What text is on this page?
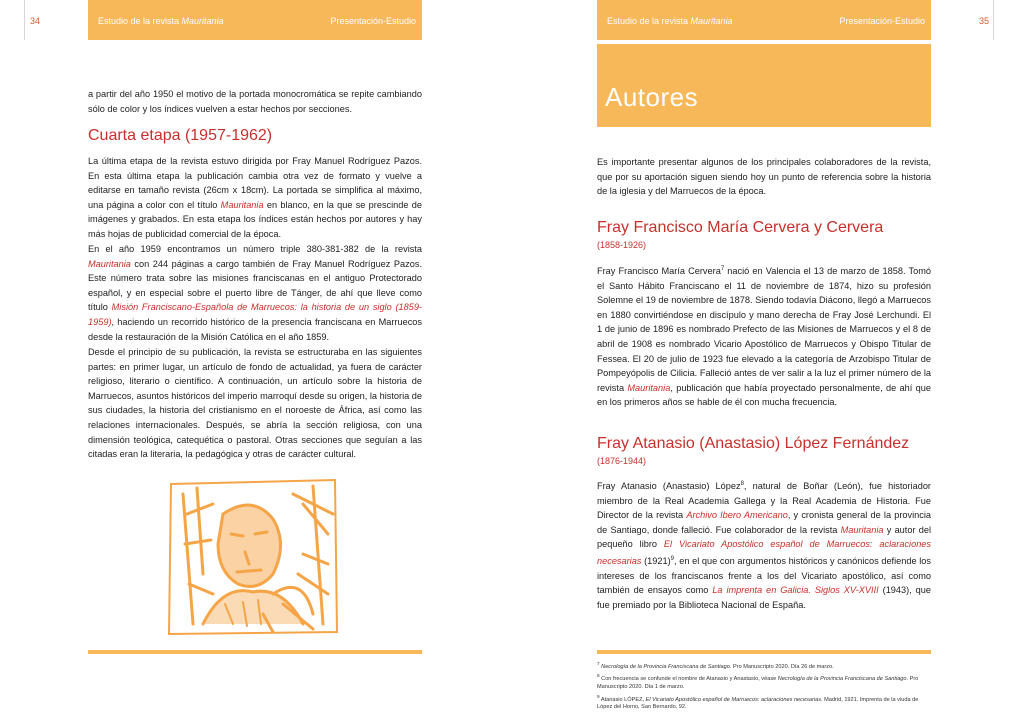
34	Estudio de la revista Mauritania	Presentación-Estudio

a partir del año 1950 el motivo de la portada monocromática se repite cambiando sólo de color y los índices vuelven a estar hechos por secciones.

Cuarta etapa (1957-1962)

La última etapa de la revista estuvo dirigida por Fray Manuel Rodríguez Pazos. En esta última etapa la publicación cambia otra vez de formato y vuelve a editarse en tamaño revista (26cm x 18cm). La portada se simplifica al máximo, una página a color con el título Mauritania en blanco, en la que se prescinde de imágenes y grabados. En esta etapa los índices están hechos por autores y hay más hojas de publicidad comercial de la época.

En el año 1959 encontramos un número triple 380-381-382 de la revista Mauritania con 244 páginas a cargo también de Fray Manuel Rodríguez Pazos. Este número trata sobre las misiones franciscanas en el antiguo Protectorado español, y en especial sobre el puerto libre de Tánger, de ahí que lleve como título Misión Franciscano-Española de Marruecos: la historia de un siglo (1859-1959), haciendo un recorrido histórico de la presencia franciscana en Marruecos desde la restauración de la Misión Católica en el año 1859.

Desde el principio de su publicación, la revista se estructuraba en las siguientes partes: en primer lugar, un artículo de fondo de actualidad, ya fuera de carácter religioso, literario o científico. A continuación, un artículo sobre la historia de Marruecos, asuntos históricos del imperio marroquí desde su origen, la historia de sus ciudades, la historia del cristianismo en el noroeste de África, así como las relaciones internacionales. Después, se abría la sección religiosa, con una dimensión teológica, catequética o pastoral. Otras secciones que seguían a las citadas eran la literaria, la pedagógica y otras de carácter cultural.

35
Estudio de la revista Mauritania	Presentación-Estudio
Autores

Es importante presentar algunos de los principales colaboradores de la revista, que por su aportación siguen siendo hoy un punto de referencia sobre la historia de la iglesia y del Marruecos de la época.

Fray Francisco María Cervera y Cervera

(1858-1926)

Fray Francisco María Cervera$^7$ nació en Valencia el 13 de marzo de 1858. Tomó el Santo Hábito Franciscano el 11 de noviembre de 1874, hizo su profesión Solemne el 19 de noviembre de 1878. Siendo todavía Diácono, llegó a Marruecos en 1880 convirtiéndose en discípulo y mano derecha de Fray José Lerchundi. El 1 de junio de 1896 es nombrado Prefecto de las Misiones de Marruecos y el 8 de abril de 1908 es nombrado Vicario Apostólico de Marruecos y Obispo Titular de Fessea. El 20 de julio de 1923 fue elevado a la categoría de Arzobispo Titular de Pompeyópolis de Cilicia. Falleció antes de ver salir a la luz el primer número de la revista Mauritania, publicación que había proyectado personalmente, de ahí que en los primeros años se hable de él con mucha frecuencia.

Fray Atanasio (Anastasio) López Fernández

(1876-1944)

Fray Atanasio (Anastasio) López$^8$, natural de Boñar (León), fue historiador miembro de la Real Academia Gallega y la Real Academia de Historia. Fue Director de la revista Archivo Ibero Americano, y cronista general de la provincia de Santiago, donde falleció. Fue colaborador de la revista Mauritania y autor del pequeño libro El Vicariato Apostólico español de Marruecos: aclaraciones necesarias $(1921)^9$, en el que con argumentos históricos y canónicos defiende los intereses de los franciscanos frente a los del Vicariato apostólico, así como también de ensayos como La imprenta en Galicia. Siglos XV-XVIII (1943), que fue premiado por la Biblioteca Nacional de España.

$^7$ Necrología de la Provincia Franciscana de Santiago. Pro Manuscripto 2020. Día 26 de marzo.

$^8$ Con frecuencia se confunde el nombre de Atanasio y Anastasio, véase Necrología de la Provincia Franciscana de Santiago. Pro Manuscripto 2020. Día 1 de marzo.

$^9$ Atanasio LÓPEZ, El Vicariato Apostólico español de Marruecos: aclaraciones necesarias. Madrid, 1921. Imprenta de la viuda de López del Horno, San Bernardo, 92.
